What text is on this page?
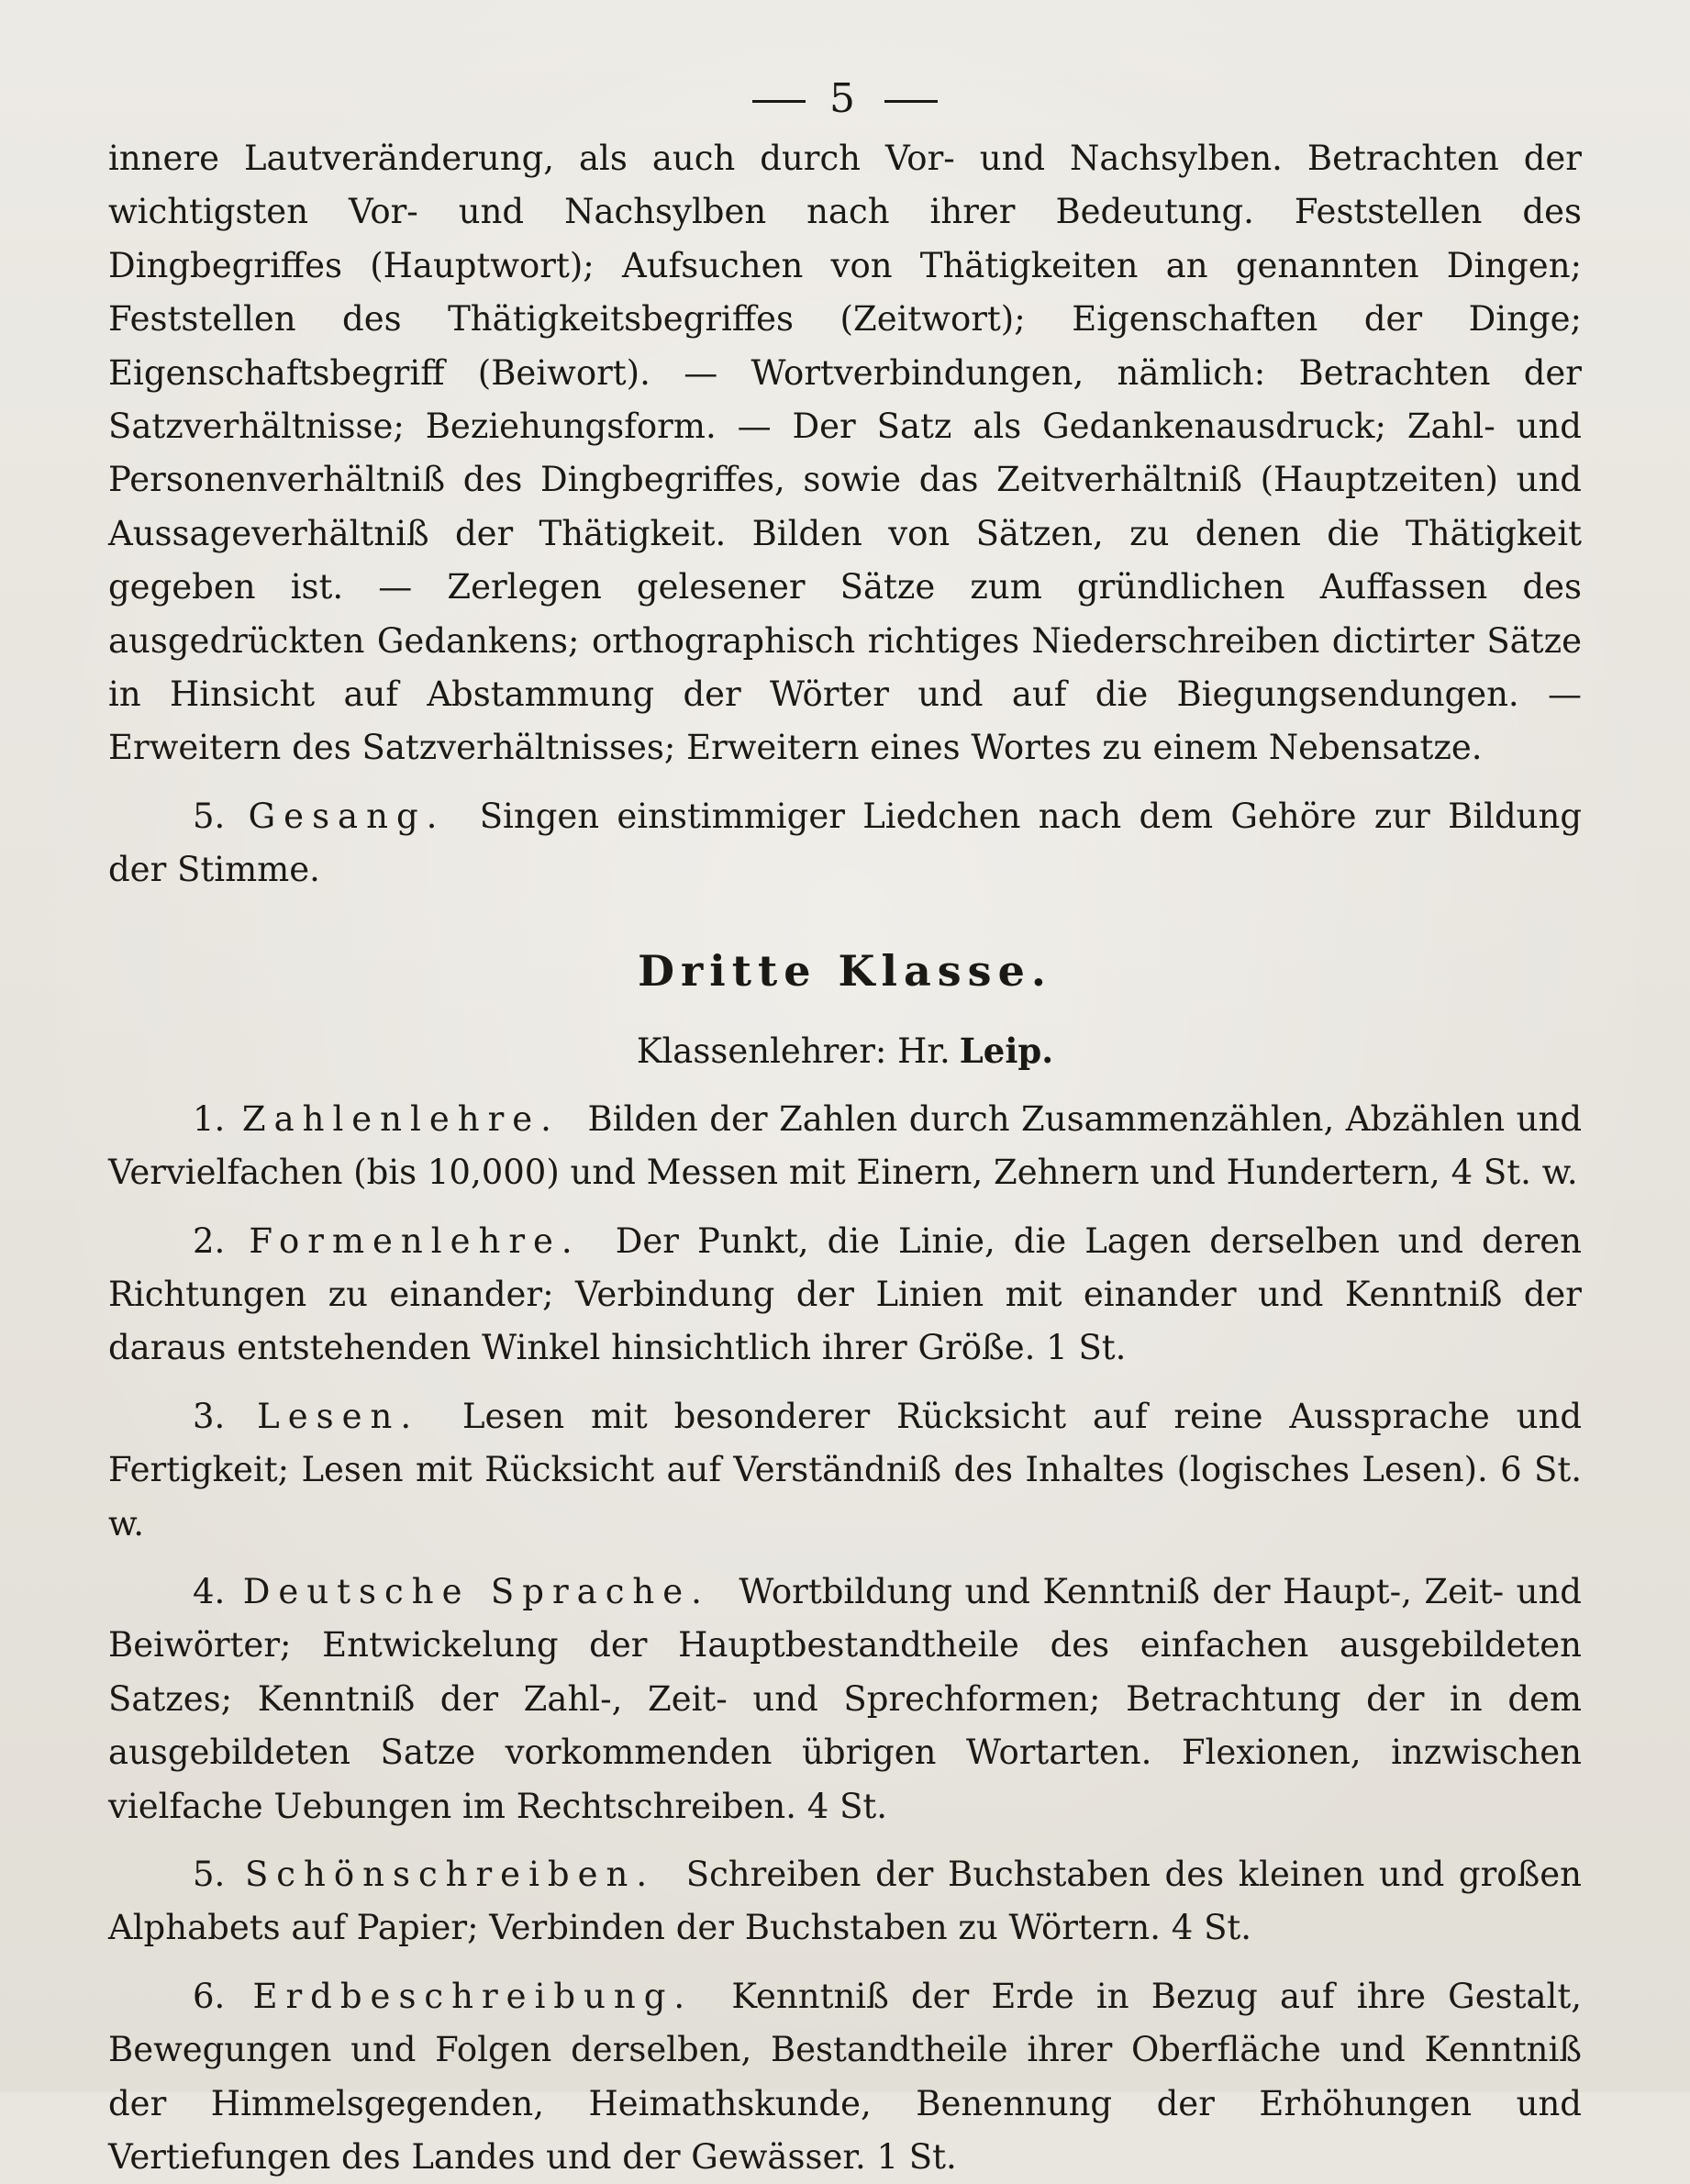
5

innere Lautveränderung, als auch durch Vor- und Nachsylben. Betrachten der wichtigsten Vor- und Nachsylben nach ihrer Bedeutung. Feststellen des Dingbegriffes (Hauptwort); Aufsuchen von Thätigkeiten an genannten Dingen; Feststellen des Thätigkeitsbegriffes (Zeitwort); Eigenschaften der Dinge; Eigenschaftsbegriff (Beiwort). — Wortverbindungen, nämlich: Betrachten der Satzverhältnisse; Beziehungsform. — Der Satz als Gedankenausdruck; Zahl- und Personenverhältniß des Dingbegriffes, sowie das Zeitverhältniß (Hauptzeiten) und Aussageverhältniß der Thätigkeit. Bilden von Sätzen, zu denen die Thätigkeit gegeben ist. — Zerlegen gelesener Sätze zum gründlichen Auffassen des ausgedrückten Gedankens; orthographisch richtiges Niederschreiben dictirter Sätze in Hinsicht auf Abstammung der Wörter und auf die Biegungsendungen. — Erweitern des Satzverhältnisses; Erweitern eines Wortes zu einem Nebensatze.

5. Gesang. Singen einstimmiger Liedchen nach dem Gehöre zur Bildung der Stimme.

Dritte Klasse.
Klassenlehrer: Hr. Leip.

1. Zahlenlehre. Bilden der Zahlen durch Zusammenzählen, Abzählen und Vervielfachen (bis 10,000) und Messen mit Einern, Zehnern und Hundertern, 4 St. w.

2. Formenlehre. Der Punkt, die Linie, die Lagen derselben und deren Richtungen zu einander; Verbindung der Linien mit einander und Kenntniß der daraus entstehenden Winkel hinsichtlich ihrer Größe. 1 St.

3. Lesen. Lesen mit besonderer Rücksicht auf reine Aussprache und Fertigkeit; Lesen mit Rücksicht auf Verständniß des Inhaltes (logisches Lesen). 6 St. w.

4. Deutsche Sprache. Wortbildung und Kenntniß der Haupt-, Zeit- und Beiwörter; Entwickelung der Hauptbestandtheile des einfachen ausgebildeten Satzes; Kenntniß der Zahl-, Zeit- und Sprechformen; Betrachtung der in dem ausgebildeten Satze vorkommenden übrigen Wortarten. Flexionen, inzwischen vielfache Uebungen im Rechtschreiben. 4 St.

5. Schönschreiben. Schreiben der Buchstaben des kleinen und großen Alphabets auf Papier; Verbinden der Buchstaben zu Wörtern. 4 St.

6. Erdbeschreibung. Kenntniß der Erde in Bezug auf ihre Gestalt, Bewegungen und Folgen derselben, Bestandtheile ihrer Oberfläche und Kenntniß der Himmelsgegenden, Heimathskunde, Benennung der Erhöhungen und Vertiefungen des Landes und der Gewässer. 1 St.
